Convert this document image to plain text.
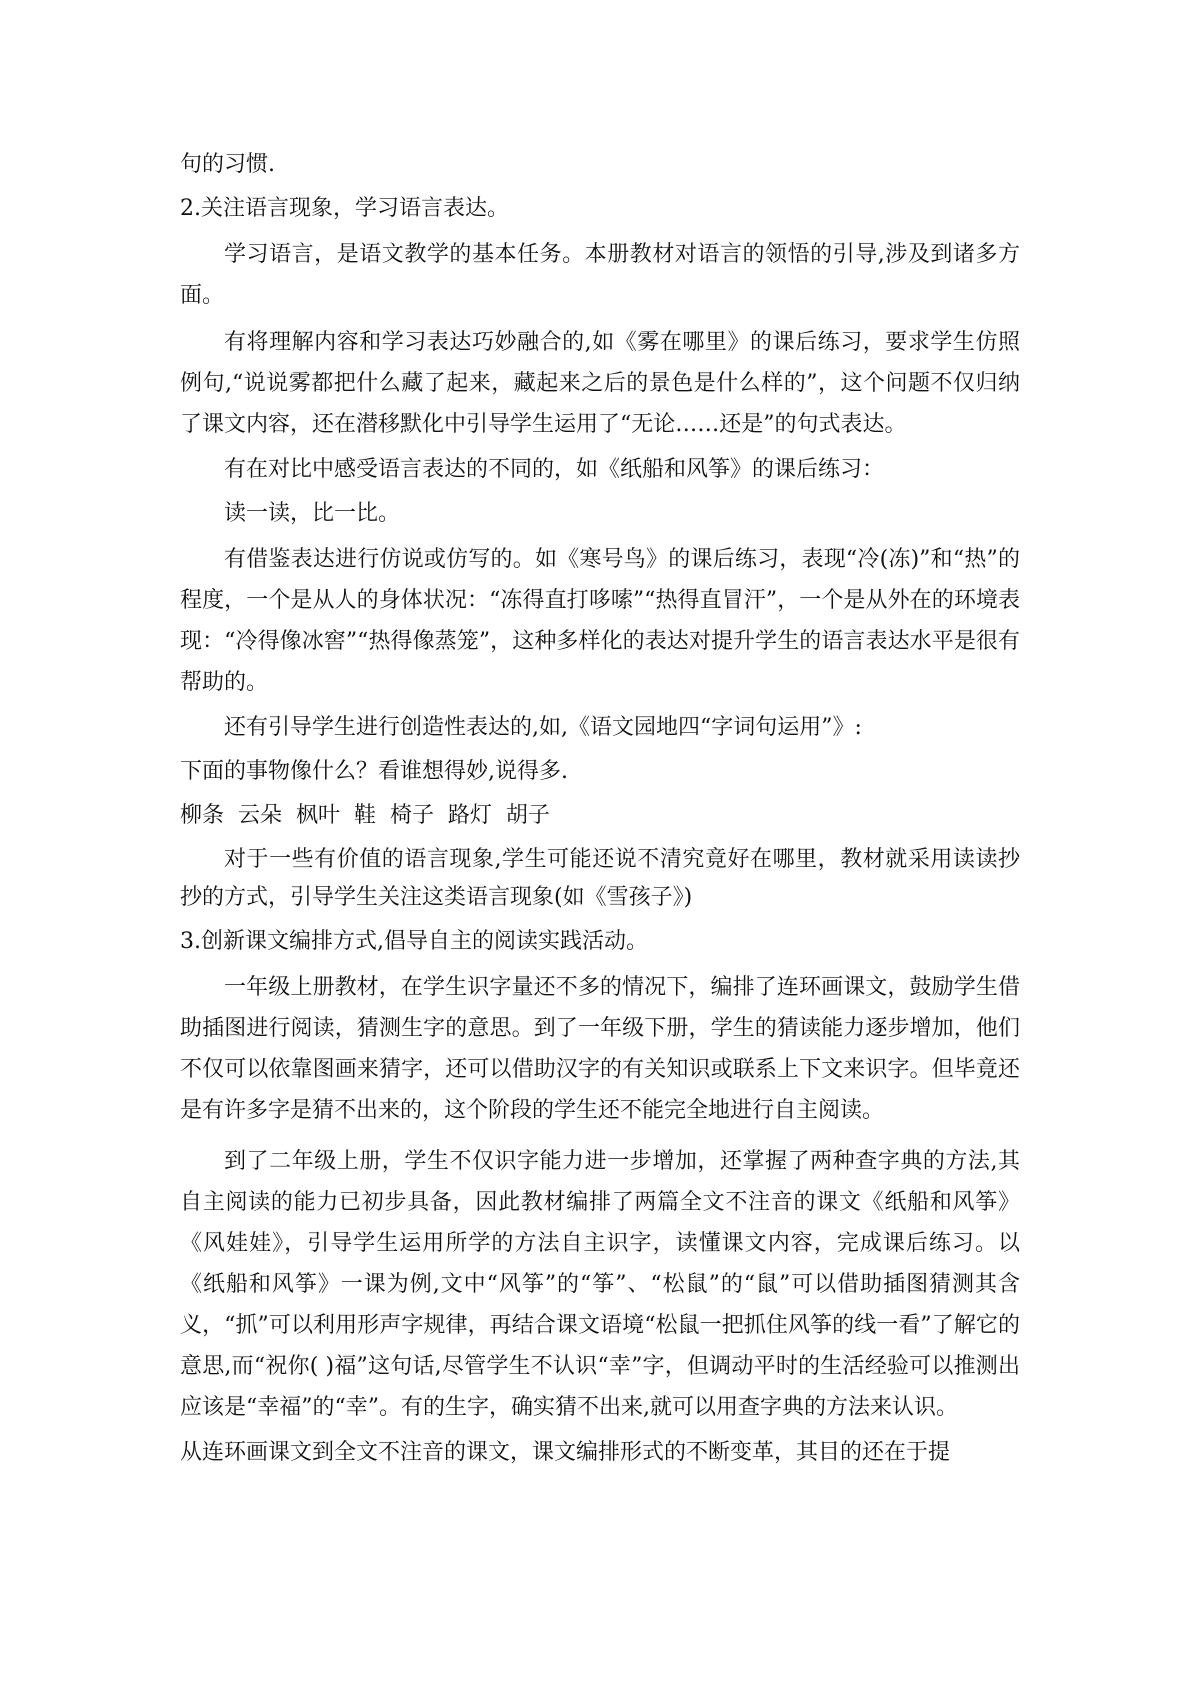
句的习惯.

2.关注语言现象，学习语言表达。

学习语言，是语文教学的基本任务。本册教材对语言的领悟的引导,涉及到诸多方面。

有将理解内容和学习表达巧妙融合的,如《雾在哪里》的课后练习，要求学生仿照例句,“说说雾都把什么藏了起来，藏起来之后的景色是什么样的”，这个问题不仅归纳了课文内容，还在潜移默化中引导学生运用了“无论……还是”的句式表达。

有在对比中感受语言表达的不同的，如《纸船和风筝》的课后练习：

读一读，比一比。

有借鉴表达进行仿说或仿写的。如《寒号鸟》的课后练习，表现“冷(冻)”和“热”的程度，一个是从人的身体状况：“冻得直打哆嗦”“热得直冒汗”，一个是从外在的环境表现：“冷得像冰窖”“热得像蒸笼”，这种多样化的表达对提升学生的语言表达水平是很有帮助的。

还有引导学生进行创造性表达的,如,《语文园地四“字词句运用”》:

下面的事物像什么？看谁想得妙,说得多.

柳条  云朵  枫叶  鞋  椅子  路灯  胡子

对于一些有价值的语言现象,学生可能还说不清究竟好在哪里，教材就采用读读抄抄的方式，引导学生关注这类语言现象(如《雪孩子》)

3.创新课文编排方式,倡导自主的阅读实践活动。

一年级上册教材，在学生识字量还不多的情况下，编排了连环画课文，鼓励学生借助插图进行阅读，猜测生字的意思。到了一年级下册，学生的猜读能力逐步增加，他们不仅可以依靠图画来猜字，还可以借助汉字的有关知识或联系上下文来识字。但毕竟还是有许多字是猜不出来的，这个阶段的学生还不能完全地进行自主阅读。

到了二年级上册，学生不仅识字能力进一步增加，还掌握了两种查字典的方法,其自主阅读的能力已初步具备，因此教材编排了两篇全文不注音的课文《纸船和风筝》《风娃娃》，引导学生运用所学的方法自主识字，读懂课文内容，完成课后练习。以《纸船和风筝》一课为例,文中“风筝”的“筝”、“松鼠”的“鼠”可以借助插图猜测其含义，“抓”可以利用形声字规律，再结合课文语境“松鼠一把抓住风筝的线一看”了解它的意思,而“祝你( )福”这句话,尽管学生不认识“幸”字，但调动平时的生活经验可以推测出应该是“幸福”的“幸”。有的生字，确实猜不出来,就可以用查字典的方法来认识。

从连环画课文到全文不注音的课文，课文编排形式的不断变革，其目的还在于提
